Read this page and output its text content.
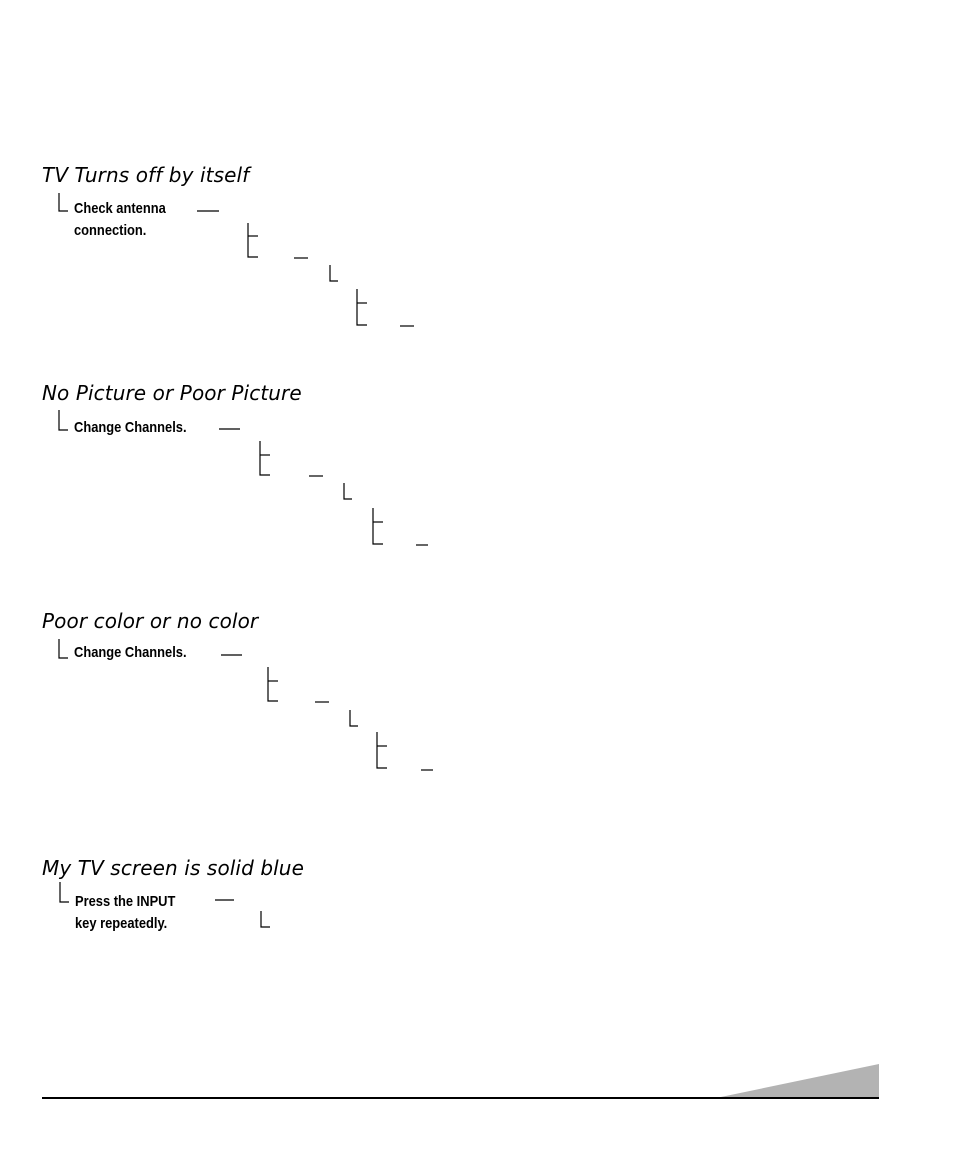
TV Turns off by itself
Check antenna
connection.
No Picture or Poor Picture
Change Channels.
Poor color or no color
Change Channels.
My TV screen is solid blue
Press the INPUT
key repeatedly.
